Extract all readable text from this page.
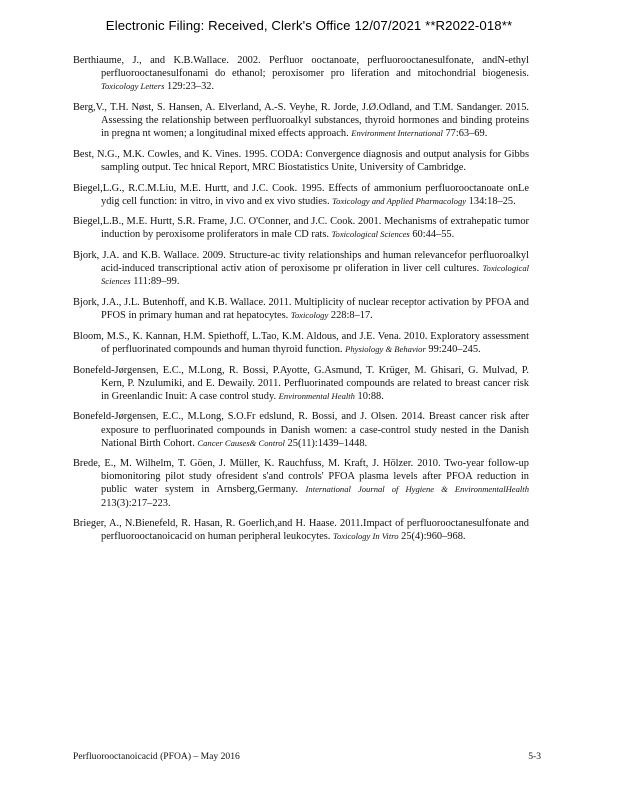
Electronic Filing: Received, Clerk's Office 12/07/2021 **R2022-018**

Berthiaume, J., and K.B.Wallace. 2002. Perfluor ooctanoate, perfluorooctanesulfonate, andN-ethyl perfluorooctanesulfonami do ethanol; peroxisomer pro liferation and mitochondrial biogenesis. Toxicology Letters 129:23–32.

Berg,V., T.H. Nøst, S. Hansen, A. Elverland, A.-S. Veyhe, R. Jorde, J.Ø.Odland, and T.M. Sandanger. 2015. Assessing the relationship between perfluoroalkyl substances, thyroid hormones and binding proteins in pregna nt women; a longitudinal mixed effects approach. Environment International 77:63–69.

Best, N.G., M.K. Cowles, and K. Vines. 1995. CODA: Convergence diagnosis and output analysis for Gibbs sampling output. Tec hnical Report, MRC Biostatistics Unite, University of Cambridge.

Biegel,L.G., R.C.M.Liu, M.E. Hurtt, and J.C. Cook. 1995. Effects of ammonium perfluorooctanoate onLe ydig cell function: in vitro, in vivo and ex vivo studies. Toxicology and Applied Pharmacology 134:18–25.

Biegel,L.B., M.E. Hurtt, S.R. Frame, J.C. O'Conner, and J.C. Cook. 2001. Mechanisms of extrahepatic tumor induction by peroxisome proliferators in male CD rats. Toxicological Sciences 60:44–55.

Bjork, J.A. and K.B. Wallace. 2009. Structure-ac tivity relationships and human relevancefor perfluoroalkyl acid-induced transcriptional activ ation of peroxisome pr oliferation in liver cell cultures. Toxicological Sciences 111:89–99.

Bjork, J.A., J.L. Butenhoff, and K.B. Wallace. 2011. Multiplicity of nuclear receptor activation by PFOA and PFOS in primary human and rat hepatocytes. Toxicology 228:8–17.

Bloom, M.S., K. Kannan, H.M. Spiethoff, L.Tao, K.M. Aldous, and J.E. Vena. 2010. Exploratory assessment of perfluorinated compounds and human thyroid function. Physiology & Behavior 99:240–245.

Bonefeld-Jørgensen, E.C., M.Long, R. Bossi, P.Ayotte, G.Asmund, T. Krüger, M. Ghisari, G. Mulvad, P. Kern, P. Nzulumiki, and E. Dewaily. 2011. Perfluorinated compounds are related to breast cancer risk in Greenlandic Inuit: A case control study. Environmental Health 10:88.

Bonefeld-Jørgensen, E.C., M.Long, S.O.Fr edslund, R. Bossi, and J. Olsen. 2014. Breast cancer risk after exposure to perfluorinated compounds in Danish women: a case-control study nested in the Danish National Birth Cohort. Cancer Causes& Control 25(11):1439–1448.

Brede, E., M. Wilhelm, T. Göen, J. Müller, K. Rauchfuss, M. Kraft, J. Hölzer. 2010. Two-year follow-up biomonitoring pilot study ofresident s'and controls' PFOA plasma levels after PFOA reduction in public water system in Arnsberg,Germany. International Journal of Hygiene & EnvironmentalHealth 213(3):217–223.

Brieger, A., N.Bienefeld, R. Hasan, R. Goerlich,and H. Haase. 2011.Impact of perfluorooctanesulfonate and perfluorooctanoicacid on human peripheral leukocytes. Toxicology In Vitro 25(4):960–968.

Perfluorooctanoicacid (PFOA) – May 2016	5-3
